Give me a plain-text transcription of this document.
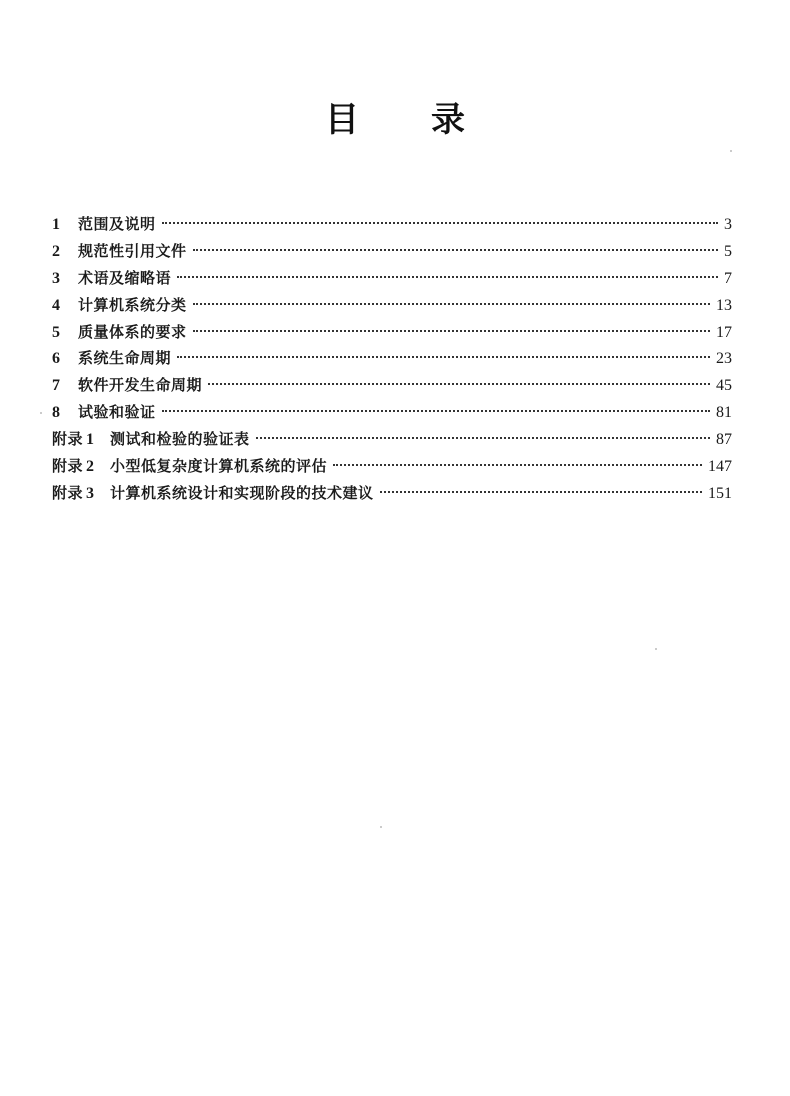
目 录
1	范围及说明	3
2	规范性引用文件	5
3	术语及缩略语	7
4	计算机系统分类	13
5	质量体系的要求	17
6	系统生命周期	23
7	软件开发生命周期	45
8	试验和验证	81
附录 1 测试和检验的验证表	87
附录 2 小型低复杂度计算机系统的评估	147
附录 3 计算机系统设计和实现阶段的技术建议	151
